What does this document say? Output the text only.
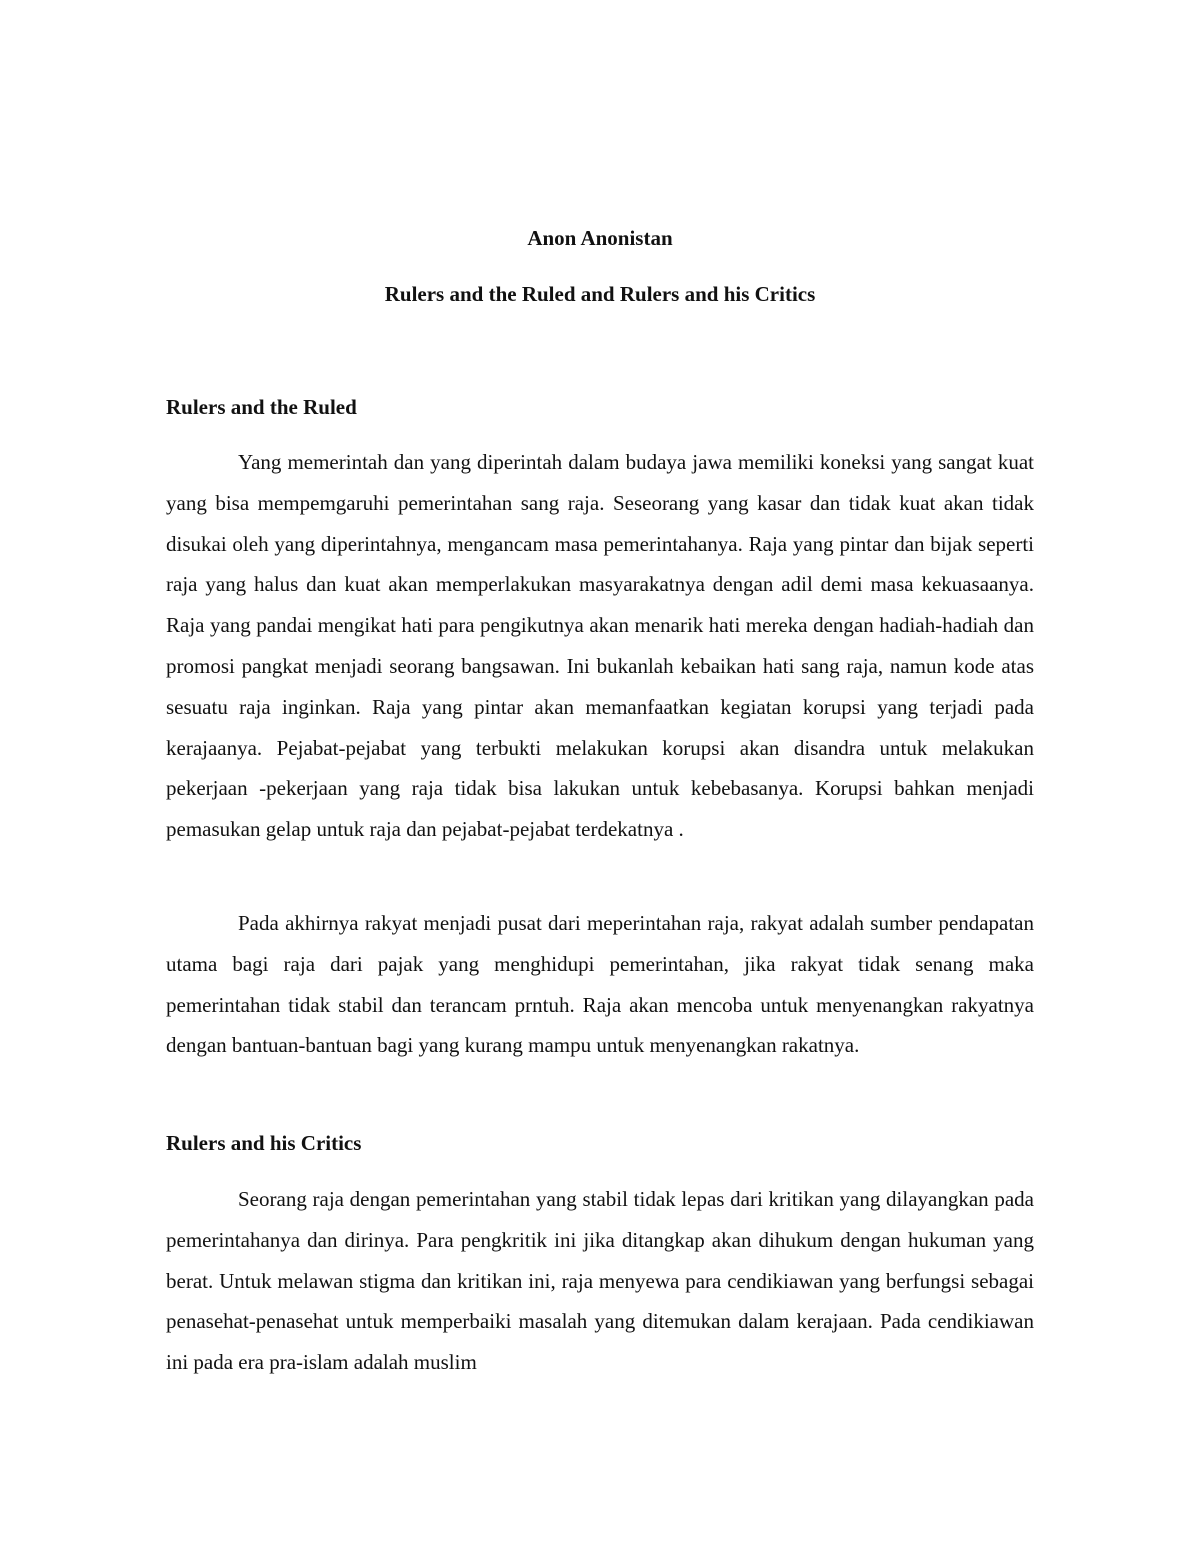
Anon Anonistan

Rulers and the Ruled and Rulers and his Critics

Rulers and the Ruled

Yang memerintah dan yang diperintah dalam budaya jawa memiliki koneksi yang sangat kuat yang bisa mempemgaruhi pemerintahan sang raja. Seseorang yang kasar dan tidak kuat akan tidak disukai oleh yang diperintahnya, mengancam masa pemerintahanya. Raja yang pintar dan bijak seperti raja yang halus dan kuat akan memperlakukan masyarakatnya dengan adil demi masa kekuasaanya. Raja yang pandai mengikat hati para pengikutnya akan menarik hati mereka dengan hadiah-hadiah dan promosi pangkat menjadi seorang bangsawan. Ini bukanlah kebaikan hati sang raja, namun kode atas sesuatu raja inginkan. Raja yang pintar akan memanfaatkan kegiatan korupsi yang terjadi pada kerajaanya. Pejabat-pejabat yang terbukti melakukan korupsi akan disandra untuk melakukan pekerjaan -pekerjaan yang raja tidak bisa lakukan untuk kebebasanya. Korupsi bahkan menjadi pemasukan gelap untuk raja dan pejabat-pejabat terdekatnya .

Pada akhirnya rakyat menjadi pusat dari meperintahan raja, rakyat adalah sumber pendapatan utama bagi raja dari pajak yang menghidupi pemerintahan, jika rakyat tidak senang maka pemerintahan tidak stabil dan terancam prntuh. Raja akan mencoba untuk menyenangkan rakyatnya dengan bantuan-bantuan bagi yang kurang mampu untuk menyenangkan rakatnya.

Rulers and his Critics

Seorang raja dengan pemerintahan yang stabil tidak lepas dari kritikan yang dilayangkan pada pemerintahanya dan dirinya. Para pengkritik ini jika ditangkap akan dihukum dengan hukuman yang berat. Untuk melawan stigma dan kritikan ini, raja menyewa para cendikiawan yang berfungsi sebagai penasehat-penasehat untuk memperbaiki masalah yang ditemukan dalam kerajaan. Pada cendikiawan ini pada era pra-islam adalah muslim
